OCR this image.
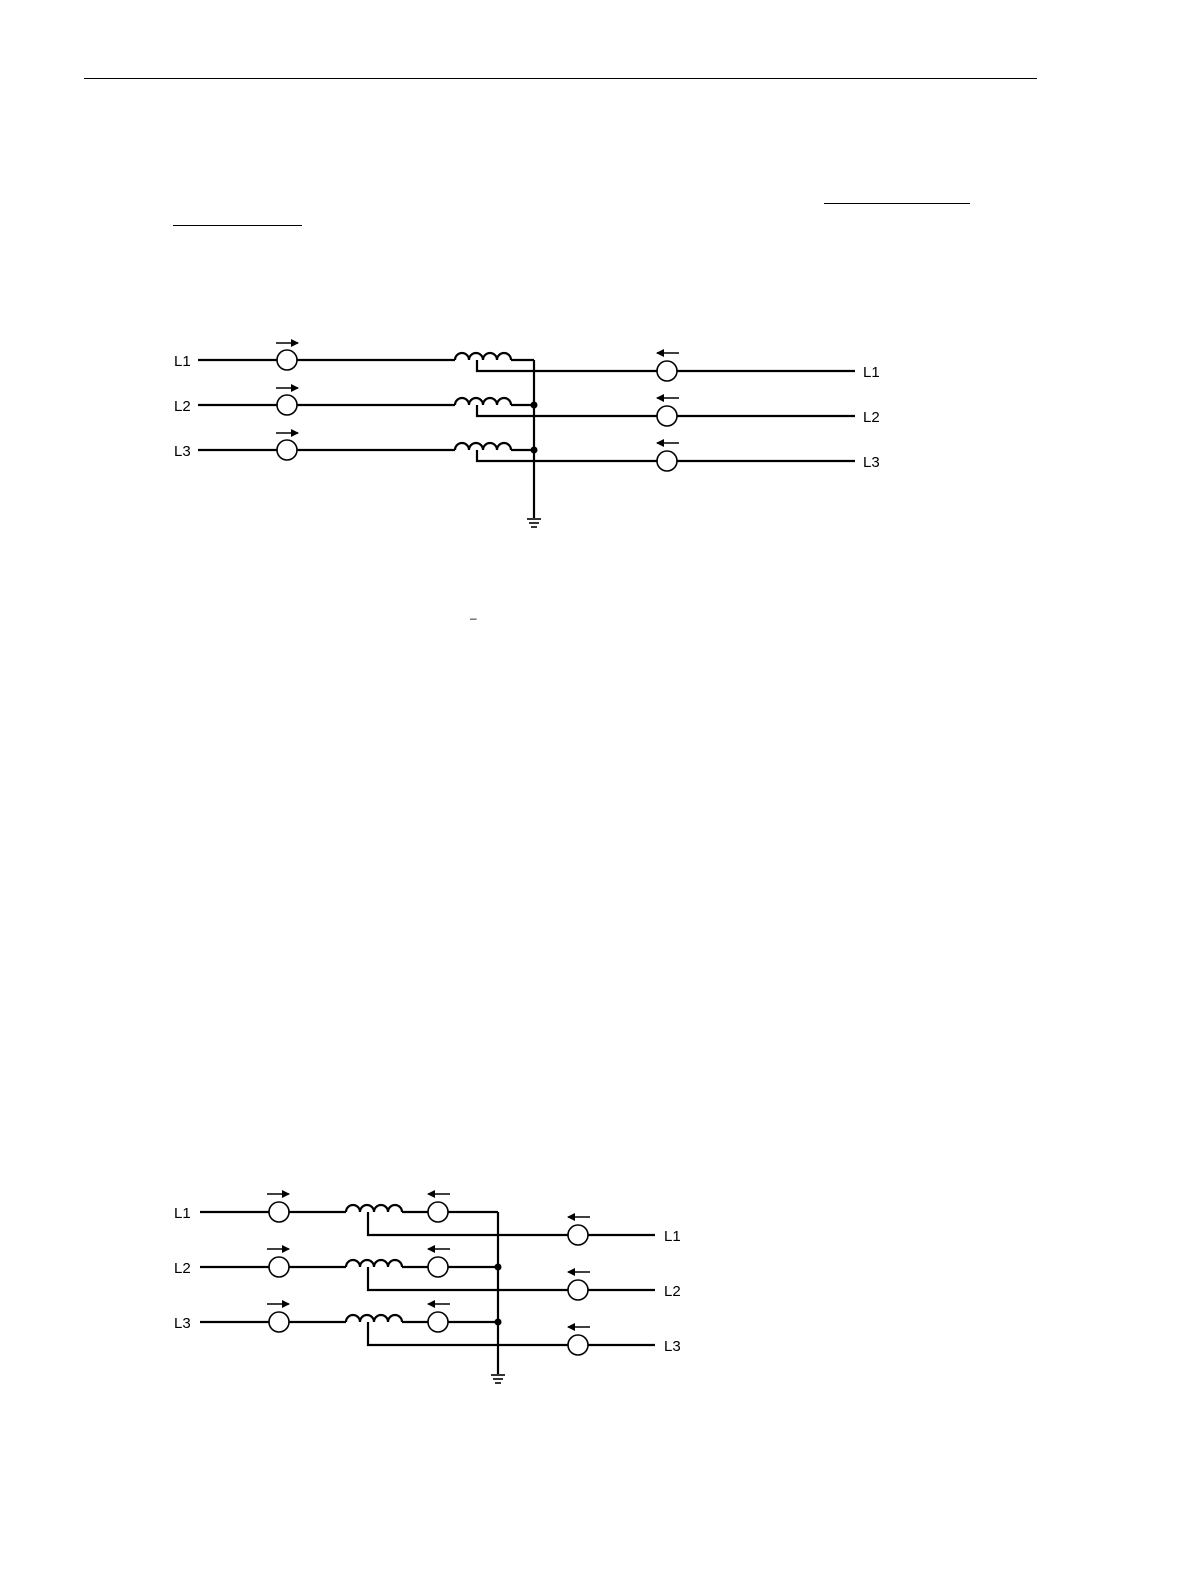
–
L1
L2
L3
L1
L2
L3
L1
L2
L3
L1
L2
L3
